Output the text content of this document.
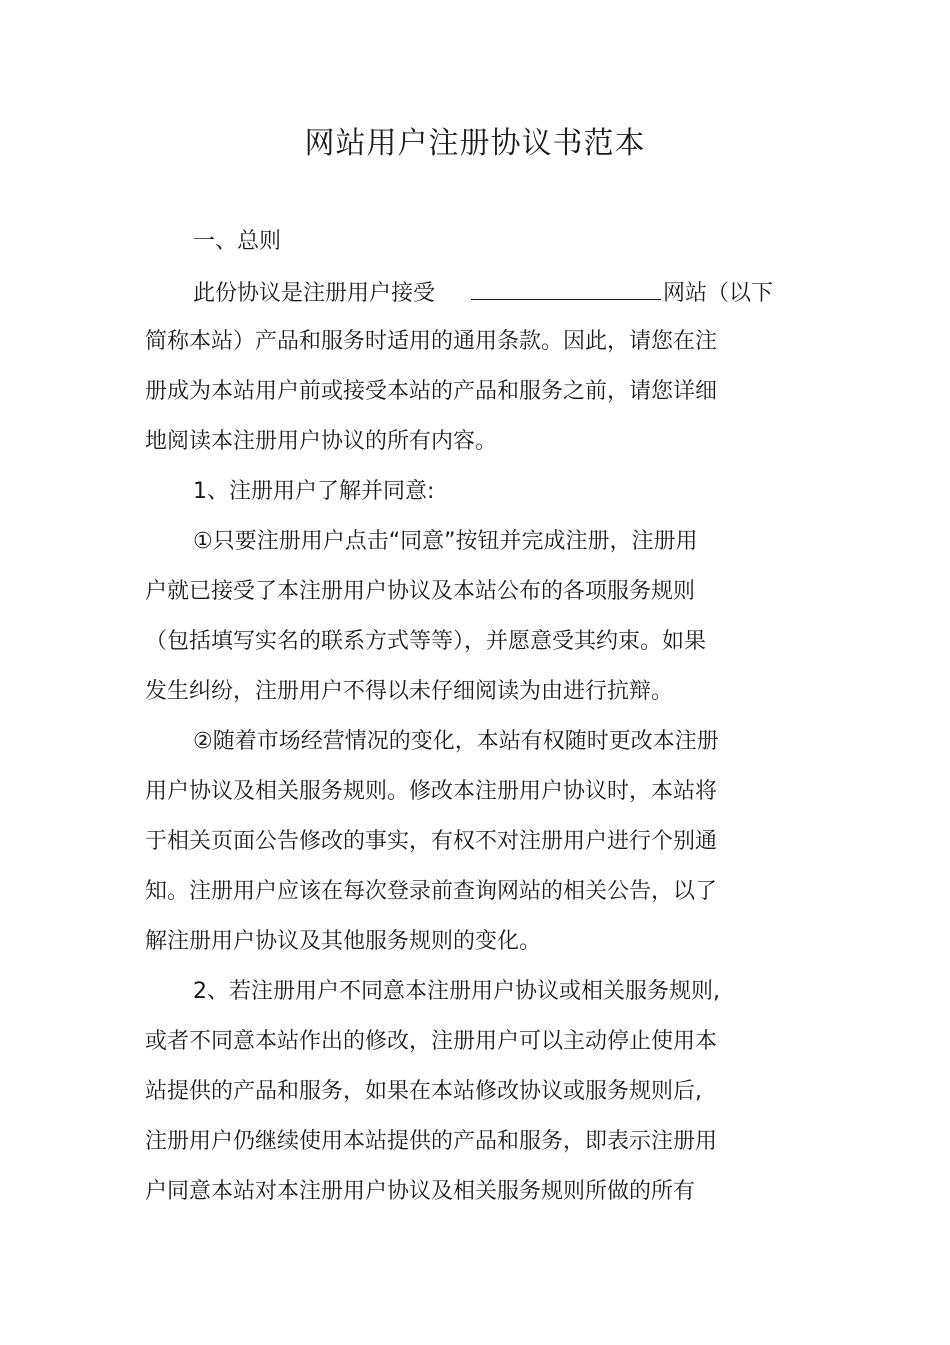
网站用户注册协议书范本
一、总则
此份协议是注册用户接受	网站（以下
简称本站）产品和服务时适用的通用条款。因此，请您在注
册成为本站用户前或接受本站的产品和服务之前，请您详细
地阅读本注册用户协议的所有内容。
1、注册用户了解并同意:
①只要注册用户点击“同意”按钮并完成注册，注册用
户就已接受了本注册用户协议及本站公布的各项服务规则
（包括填写实名的联系方式等等），并愿意受其约束。如果
发生纠纷，注册用户不得以未仔细阅读为由进行抗辩。
②随着市场经营情况的变化，本站有权随时更改本注册
用户协议及相关服务规则。修改本注册用户协议时，本站将
于相关页面公告修改的事实，有权不对注册用户进行个别通
知。注册用户应该在每次登录前查询网站的相关公告，以了
解注册用户协议及其他服务规则的变化。
2、若注册用户不同意本注册用户协议或相关服务规则,
或者不同意本站作出的修改，注册用户可以主动停止使用本
站提供的产品和服务，如果在本站修改协议或服务规则后,
注册用户仍继续使用本站提供的产品和服务，即表示注册用
户同意本站对本注册用户协议及相关服务规则所做的所有
